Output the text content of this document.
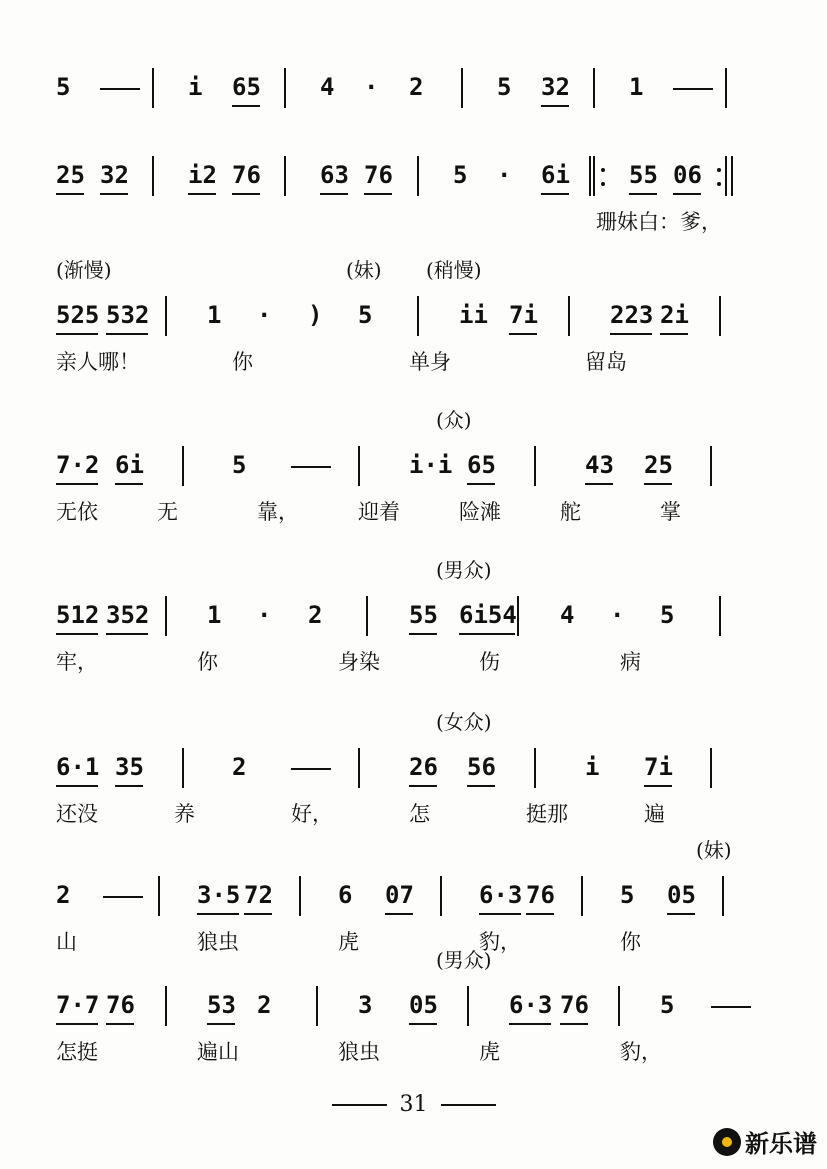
5	i 65 4 · 2	5 32 1
25 32 i2 76 63 76	5 · 6i 55 06
珊妹白：爹，
525 532 1 · ) 5	ii 7i	223 2i
亲人哪！	你	单身	留岛
(渐慢)	(妹) (稍慢)
7·2 6i	5	i·i 65	43 25
无依	无	靠，	迎着	险滩	舵	掌
(众)
512 352 1 · 2	55 6i54 4 · 5
牢，	你	身染	伤	病
(男众)
6·1 35	2	26 56	i 7i
还没	养	好，	怎	挺那	遍
(女众)
2	3·5 72	6 07	6·3 76	5 05
山	狼虫	虎	豹，	你
(妹)
7·7 76	53 2	3 05	6·3 76	5
怎挺	遍山	狼虫	虎	豹，
(男众)
31
新乐谱
